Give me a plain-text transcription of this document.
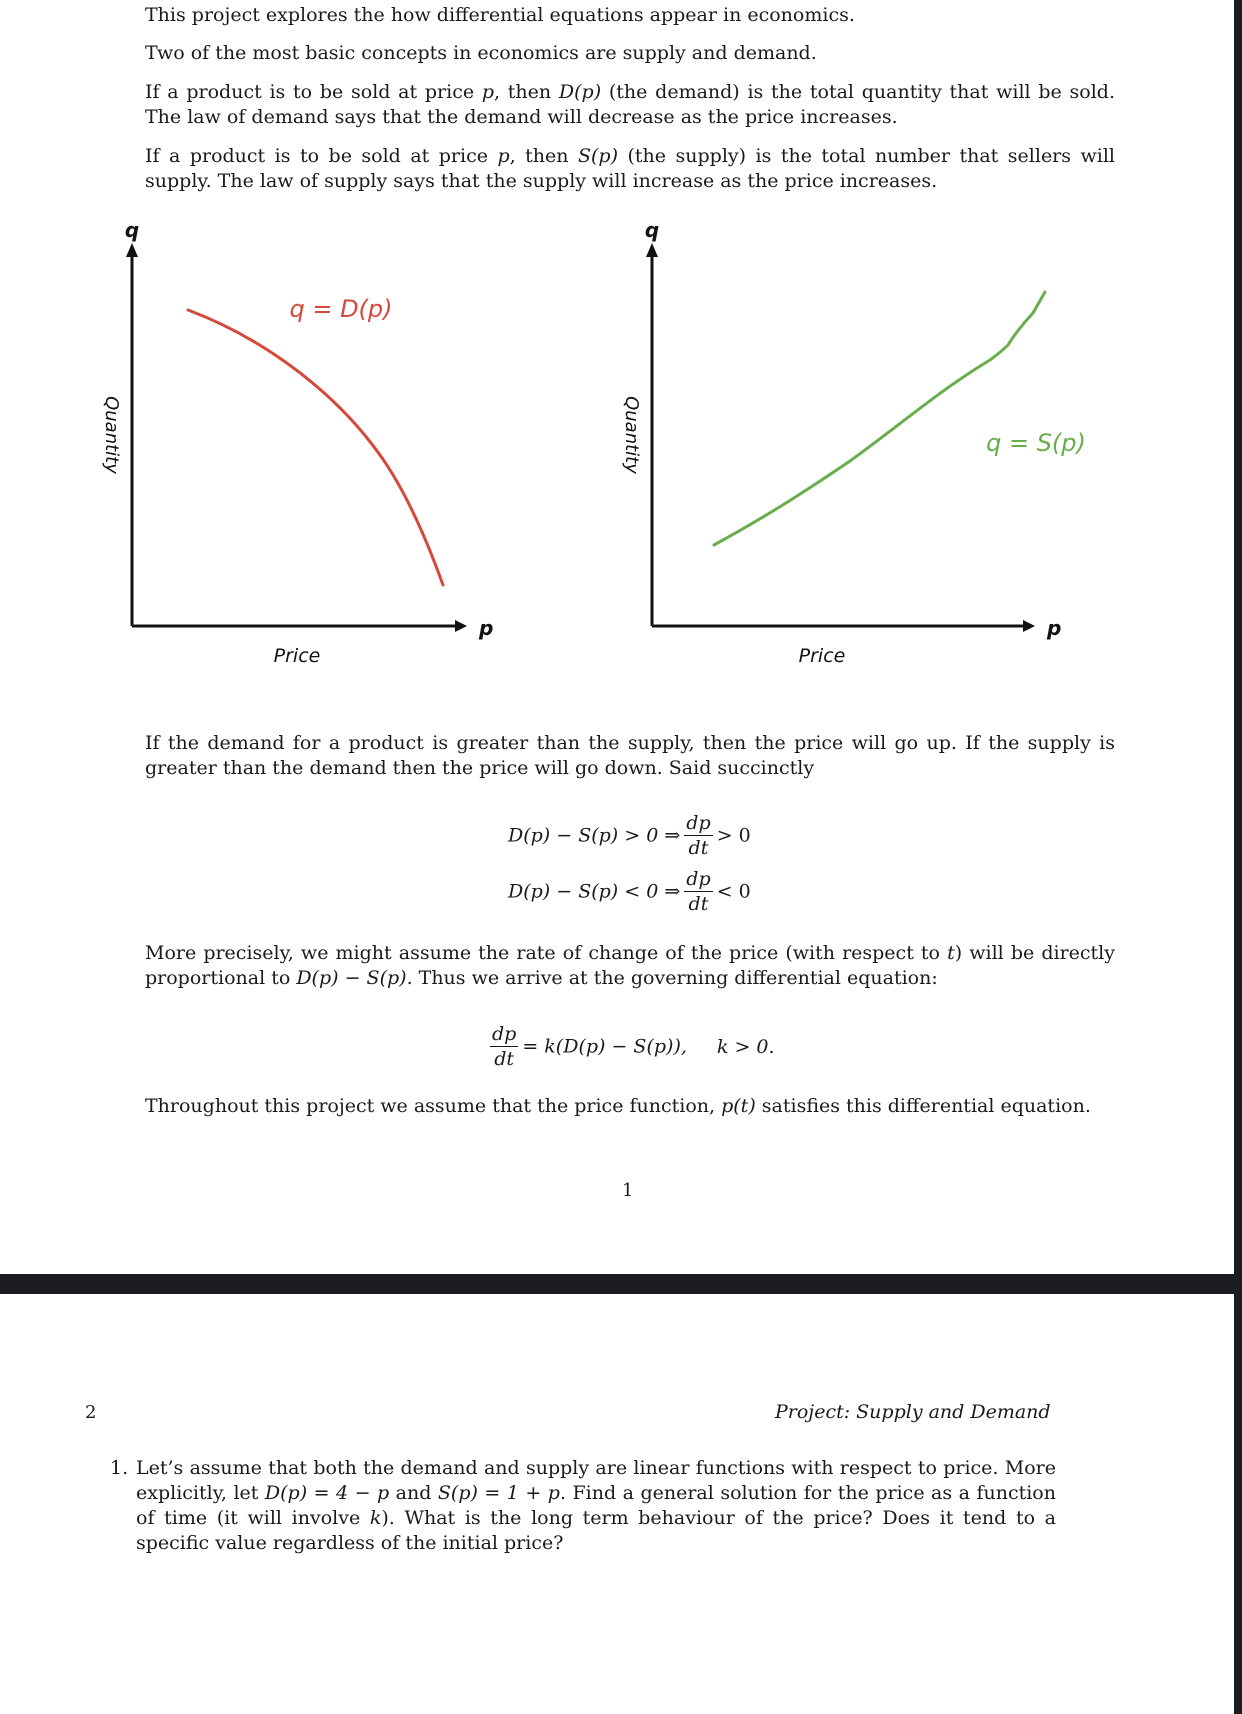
This project explores the how differential equations appear in economics.

Two of the most basic concepts in economics are supply and demand.

If a product is to be sold at price p, then D(p) (the demand) is the total quantity that will be sold. The law of demand says that the demand will decrease as the price increases.

If a product is to be sold at price p, then S(p) (the supply) is the total number that sellers will supply. The law of supply says that the supply will increase as the price increases.

q
p
Price
Quantity
q = D(p)
q
p
Price
Quantity	q = S(p)

If the demand for a product is greater than the supply, then the price will go up. If the supply is greater than the demand then the price will go down. Said succinctly

D(p) − S(p) > 0 ⇒ $\frac{dp}{dt} > 0$
D(p) − S(p) < 0 ⇒ $\frac{dp}{dt} < 0$

More precisely, we might assume the rate of change of the price (with respect to t) will be directly proportional to D(p) − S(p). Thus we arrive at the governing differential equation:

$\frac{dp}{dt} = k(D(p) - S(p))$, k > 0.

Throughout this project we assume that the price function, p(t) satisfies this differential equation.

1
2	Project: Supply and Demand
1. Let’s assume that both the demand and supply are linear functions with respect to price. More explicitly, let D(p) = 4 − p and S(p) = 1 + p. Find a general solution for the price as a function of time (it will involve k). What is the long term behaviour of the price? Does it tend to a specific value regardless of the initial price?
